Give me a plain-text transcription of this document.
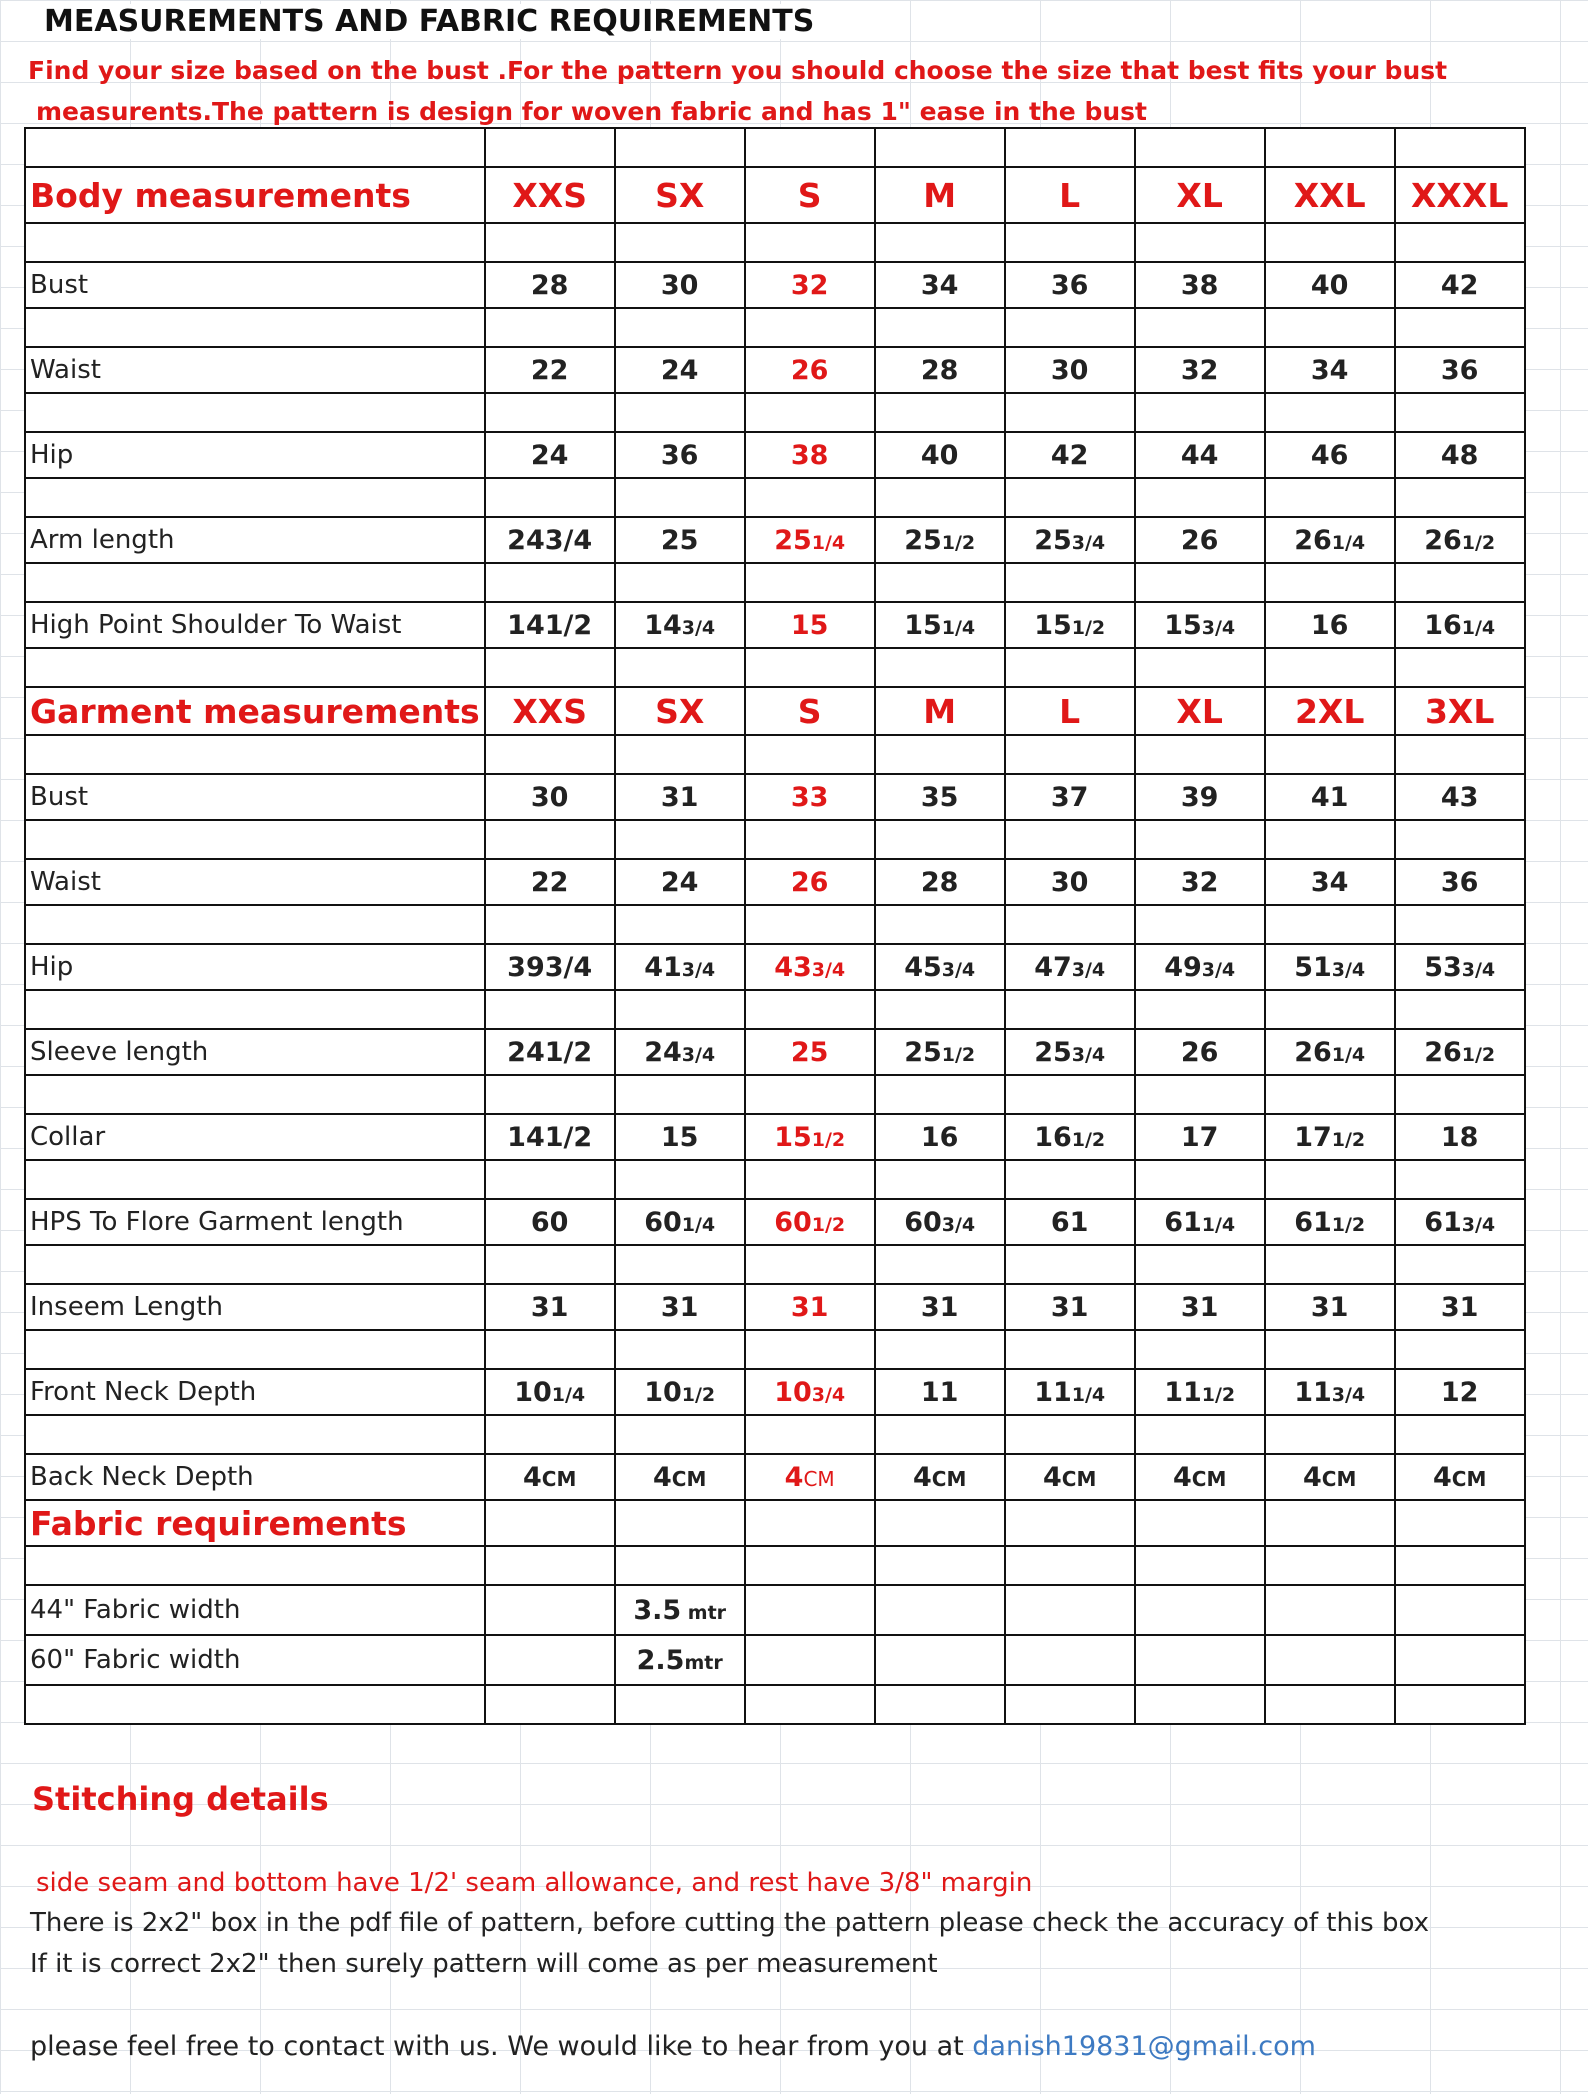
MEASUREMENTS AND FABRIC REQUIREMENTS
Find your size based on the bust .For the pattern you should choose the size that best fits your bust
measurents.The pattern is design for woven fabric and has 1" ease in the bust

Body measurements	XXS	SX	S	M	L	XL	XXL	XXXL

Bust	28	30	32	34	36	38	40	42

Waist	22	24	26	28	30	32	34	36

Hip	24	36	38	40	42	44	46	48

Arm length	243/4	25	251/4	251/2	253/4	26	261/4	261/2

High Point Shoulder To Waist	141/2	143/4	15	151/4	151/2	153/4	16	161/4

Garment measurements	XXS	SX	S	M	L	XL	2XL	3XL

Bust	30	31	33	35	37	39	41	43

Waist	22	24	26	28	30	32	34	36

Hip	393/4	413/4	433/4	453/4	473/4	493/4	513/4	533/4

Sleeve length	241/2	243/4	25	251/2	253/4	26	261/4	261/2

Collar	141/2	15	151/2	16	161/2	17	171/2	18

HPS To Flore Garment length	60	601/4	601/2	603/4	61	611/4	611/2	613/4

Inseem Length	31	31	31	31	31	31	31	31

Front Neck Depth	101/4	101/2	103/4	11	111/4	111/2	113/4	12

Back Neck Depth	4CM	4CM	4CM	4CM	4CM	4CM	4CM	4CM
Fabric requirements								

44" Fabric width		3.5 mtr						
60" Fabric width		2.5mtr						

Stitching details
side seam and bottom have 1/2' seam allowance, and rest have 3/8" margin
There is 2x2" box in the pdf file of pattern, before cutting the pattern please check the accuracy of this box
If it is correct 2x2" then surely pattern will come as per measurement
please feel free to contact with us. We would like to hear from you at danish19831@gmail.com
